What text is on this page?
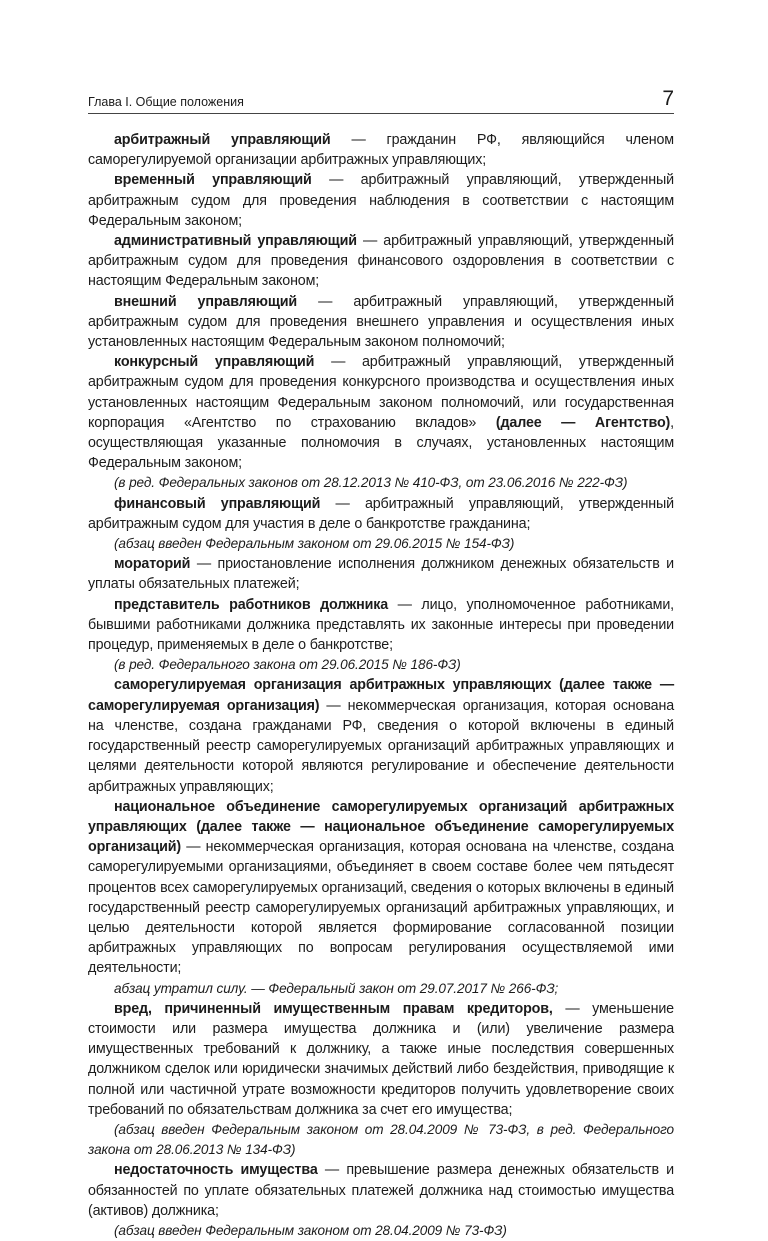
Глава I. Общие положения	7

арбитражный управляющий — гражданин РФ, являющийся членом саморегулируемой организации арбитражных управляющих;

временный управляющий — арбитражный управляющий, утвержденный арбитражным судом для проведения наблюдения в соответствии с настоящим Федеральным законом;

административный управляющий — арбитражный управляющий, утвержденный арбитражным судом для проведения финансового оздоровления в соответствии с настоящим Федеральным законом;

внешний управляющий — арбитражный управляющий, утвержденный арбитражным судом для проведения внешнего управления и осуществления иных установленных настоящим Федеральным законом полномочий;

конкурсный управляющий — арбитражный управляющий, утвержденный арбитражным судом для проведения конкурсного производства и осуществления иных установленных настоящим Федеральным законом полномочий, или государственная корпорация «Агентство по страхованию вкладов» (далее — Агентство), осуществляющая указанные полномочия в случаях, установленных настоящим Федеральным законом;

(в ред. Федеральных законов от 28.12.2013 № 410-ФЗ, от 23.06.2016 № 222-ФЗ)

финансовый управляющий — арбитражный управляющий, утвержденный арбитражным судом для участия в деле о банкротстве гражданина;

(абзац введен Федеральным законом от 29.06.2015 № 154-ФЗ)

мораторий — приостановление исполнения должником денежных обязательств и уплаты обязательных платежей;

представитель работников должника — лицо, уполномоченное работниками, бывшими работниками должника представлять их законные интересы при проведении процедур, применяемых в деле о банкротстве;

(в ред. Федерального закона от 29.06.2015 № 186-ФЗ)

саморегулируемая организация арбитражных управляющих (далее также — саморегулируемая организация) — некоммерческая организация, которая основана на членстве, создана гражданами РФ, сведения о которой включены в единый государственный реестр саморегулируемых организаций арбитражных управляющих и целями деятельности которой являются регулирование и обеспечение деятельности арбитражных управляющих;

национальное объединение саморегулируемых организаций арбитражных управляющих (далее также — национальное объединение саморегулируемых организаций) — некоммерческая организация, которая основана на членстве, создана саморегулируемыми организациями, объединяет в своем составе более чем пятьдесят процентов всех саморегулируемых организаций, сведения о которых включены в единый государственный реестр саморегулируемых организаций арбитражных управляющих, и целью деятельности которой является формирование согласованной позиции арбитражных управляющих по вопросам регулирования осуществляемой ими деятельности;

абзац утратил силу. — Федеральный закон от 29.07.2017 № 266-ФЗ;

вред, причиненный имущественным правам кредиторов, — уменьшение стоимости или размера имущества должника и (или) увеличение размера имущественных требований к должнику, а также иные последствия совершенных должником сделок или юридически значимых действий либо бездействия, приводящие к полной или частичной утрате возможности кредиторов получить удовлетворение своих требований по обязательствам должника за счет его имущества;

(абзац введен Федеральным законом от 28.04.2009 № 73-ФЗ, в ред. Федерального закона от 28.06.2013 № 134-ФЗ)

недостаточность имущества — превышение размера денежных обязательств и обязанностей по уплате обязательных платежей должника над стоимостью имущества (активов) должника;

(абзац введен Федеральным законом от 28.04.2009 № 73-ФЗ)
